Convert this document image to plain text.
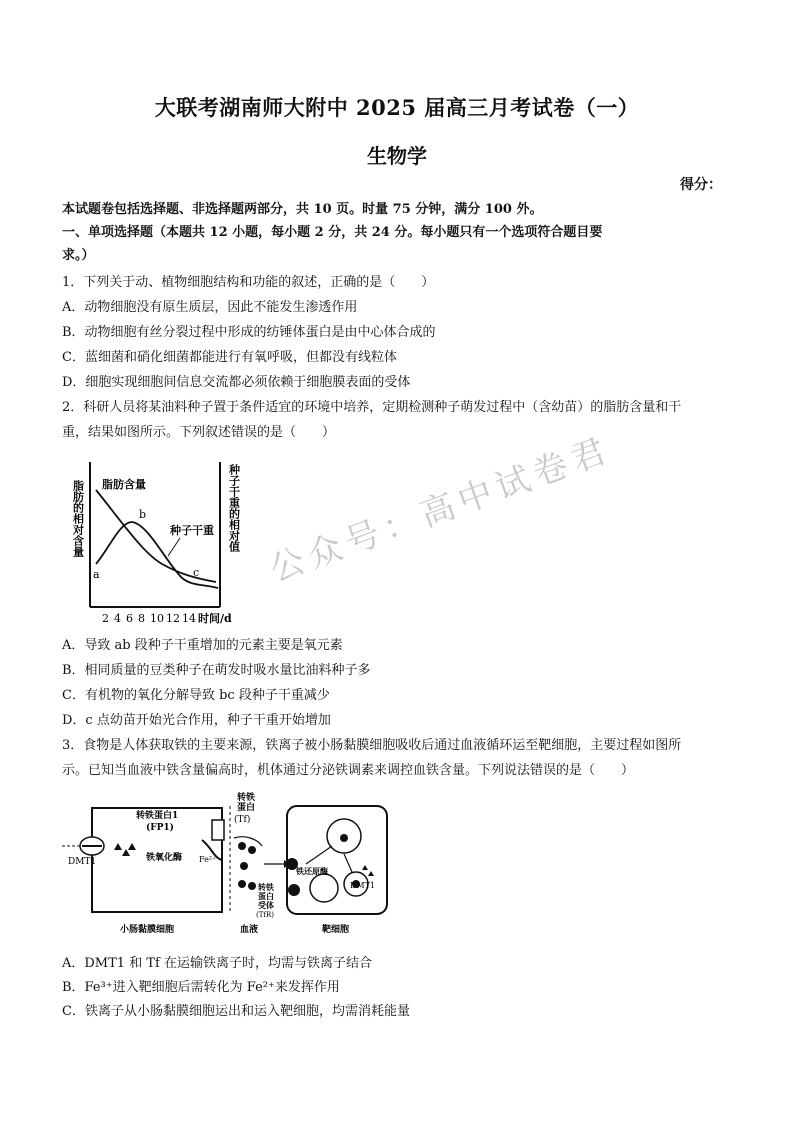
大联考湖南师大附中 2025 届高三月考试卷（一）
生物学
得分：
本试题卷包括选择题、非选择题两部分，共 10 页。时量 75 分钟，满分 100 外。
一、单项选择题（本题共 12 小题，每小题 2 分，共 24 分。每小题只有一个选项符合题目要
求。）
1．下列关于动、植物细胞结构和功能的叙述，正确的是（　　）
A．动物细胞没有原生质层，因此不能发生渗透作用
B．动物细胞有丝分裂过程中形成的纺锤体蛋白是由中心体合成的
C．蓝细菌和硝化细菌都能进行有氧呼吸，但都没有线粒体
D．细胞实现细胞间信息交流都必须依赖于细胞膜表面的受体
2．科研人员将某油料种子置于条件适宜的环境中培养，定期检测种子萌发过程中（含幼苗）的脂肪含量和干
重，结果如图所示。下列叙述错误的是（　　）
脂肪的相对含量	种子干重的相对值
脂肪含量
种子干重
a
b
c
2 4 6 8 10 12 14 时间/d
公众号：高中试卷君
A．导致 ab 段种子干重增加的元素主要是氧元素
B．相同质量的豆类种子在萌发时吸水量比油料种子多
C．有机物的氧化分解导致 bc 段种子干重减少
D．c 点幼苗开始光合作用，种子干重开始增加
3．食物是人体获取铁的主要来源，铁离子被小肠黏膜细胞吸收后通过血液循环运至靶细胞，主要过程如图所
示。已知当血液中铁含量偏高时，机体通过分泌铁调素来调控血铁含量。下列说法错误的是（　　）
DMT1
转铁蛋白1
(FP1)
铁氧化酶 Fe²⁺
转铁
蛋白
(Tf)
转铁
蛋白
受体
(TfR)
铁还原酶
DMT1
小肠黏膜细胞	血液	靶细胞
A．DMT1 和 Tf 在运输铁离子时，均需与铁离子结合
B．Fe³⁺进入靶细胞后需转化为 Fe²⁺来发挥作用
C．铁离子从小肠黏膜细胞运出和运入靶细胞，均需消耗能量
